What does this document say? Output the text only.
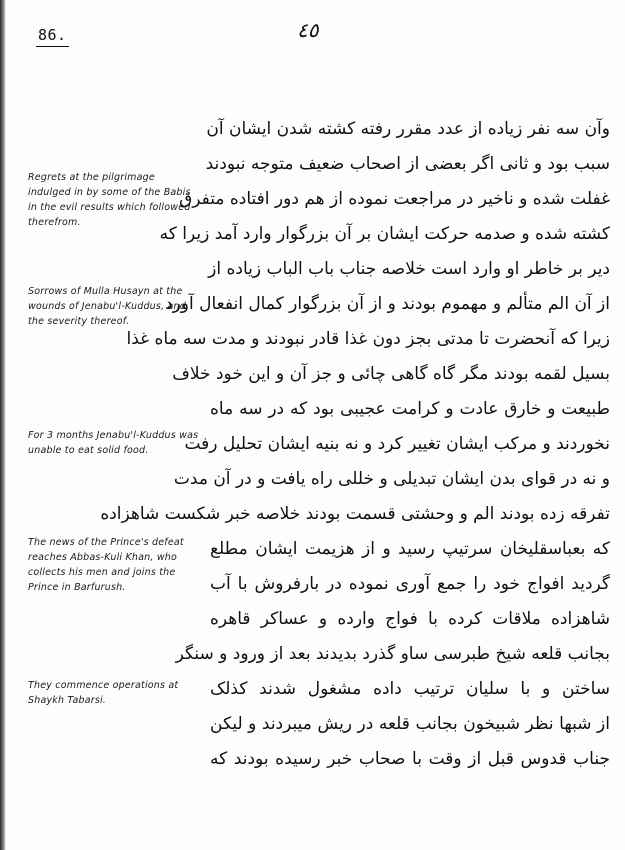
86.	٤٥
Regrets at the pilgrimage indulged in by some of the Babis in the evil results which followed therefrom.
Sorrows of Mulla Husayn at the wounds of Jenabu'l-Kuddus, and the severity thereof.
For 3 months Jenabu'l-Kuddus was unable to eat solid food.
The news of the Prince's defeat reaches Abbas-Kuli Khan, who collects his men and joins the Prince in Barfurush.
They commence operations at Shaykh Tabarsi.
وآن سه نفر زیاده از عدد مقرر رفته کشته شدن ایشان آن
سبب بود و ثانی اگر بعضی از اصحاب ضعیف متوجه نبودند
غفلت شده و ناخیر در مراجعت نموده از هم دور افتاده متفرق
کشته شده و صدمه حرکت ایشان بر آن بزرگوار وارد آمد زیرا که
دیر بر خاطر او وارد است خلاصه جناب باب الباب زیاده از
از آن الم متألم و مهموم بودند و از آن بزرگوار کمال انفعال آورد
زیرا که آنحضرت تا مدتی بجز دون غذا قادر نبودند و مدت سه ماه غذا
بسیل لقمه بودند مگر گاه گاهی چائی و جز آن و این خود خلاف
طبیعت و خارق عادت و کرامت عجیبی بود که در سه ماه
نخوردند و مرکب ایشان تغییر کرد و نه بنیه ایشان تحلیل رفت
و نه در قوای بدن ایشان تبدیلی و خللی راه یافت و در آن مدت
تفرقه زده بودند الم و وحشتی قسمت بودند خلاصه خبر شکست شاهزاده
که بعباسقلیخان سرتیپ رسید و از هزیمت ایشان مطلع
گردید افواج خود را جمع آوری نموده در بارفروش با آب
شاهزاده ملاقات کرده با فواج وارده و عساکر قاهره
بجانب قلعه شیخ طبرسی ساو گذرد بدیدند بعد از ورود و سنگر
ساختن و با سلیان ترتیب داده مشغول شدند کذلک
از شبها نظر شبیخون بجانب قلعه در ریش میبردند و لیکن
جناب قدوس قبل از وقت با صحاب خبر رسیده بودند که
